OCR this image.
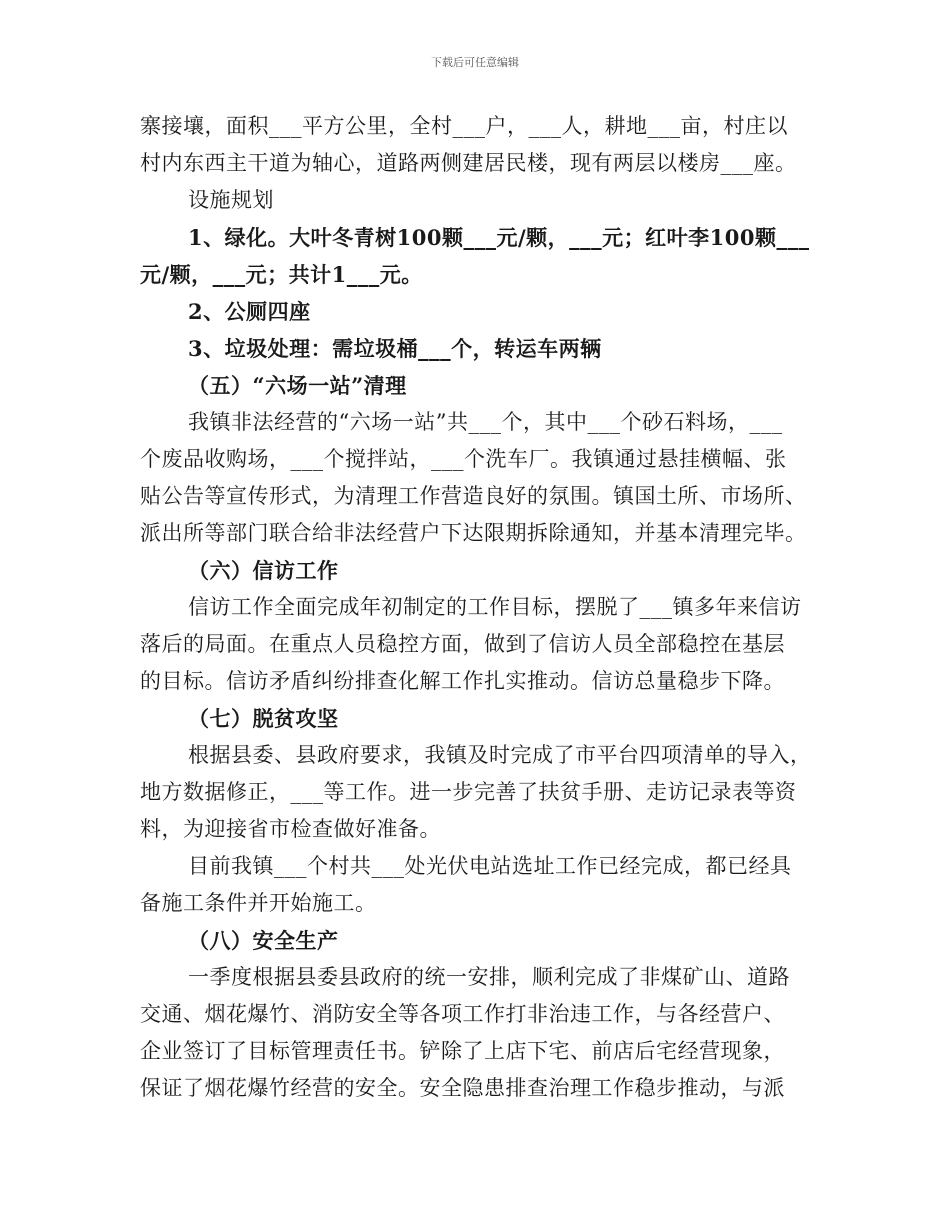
下载后可任意编辑

寨接壤，面积___平方公里，全村___户，___人，耕地___亩，村庄以

村内东西主干道为轴心，道路两侧建居民楼，现有两层以楼房___座。

设施规划

1、绿化。大叶冬青树100颗___元/颗，___元；红叶李100颗___

元/颗，___元；共计1___元。

2、公厕四座

3、垃圾处理：需垃圾桶___个，转运车两辆

（五）“六场一站”清理

我镇非法经营的“六场一站”共___个，其中___个砂石料场，___

个废品收购场，___个搅拌站，___个洗车厂。我镇通过悬挂横幅、张

贴公告等宣传形式，为清理工作营造良好的氛围。镇国土所、市场所、

派出所等部门联合给非法经营户下达限期拆除通知，并基本清理完毕。

（六）信访工作

信访工作全面完成年初制定的工作目标，摆脱了___镇多年来信访

落后的局面。在重点人员稳控方面，做到了信访人员全部稳控在基层

的目标。信访矛盾纠纷排查化解工作扎实推动。信访总量稳步下降。

（七）脱贫攻坚

根据县委、县政府要求，我镇及时完成了市平台四项清单的导入，

地方数据修正，___等工作。进一步完善了扶贫手册、走访记录表等资

料，为迎接省市检查做好准备。

目前我镇___个村共___处光伏电站选址工作已经完成，都已经具

备施工条件并开始施工。

（八）安全生产

一季度根据县委县政府的统一安排，顺利完成了非煤矿山、道路

交通、烟花爆竹、消防安全等各项工作打非治违工作，与各经营户、

企业签订了目标管理责任书。铲除了上店下宅、前店后宅经营现象，

保证了烟花爆竹经营的安全。安全隐患排查治理工作稳步推动，与派
